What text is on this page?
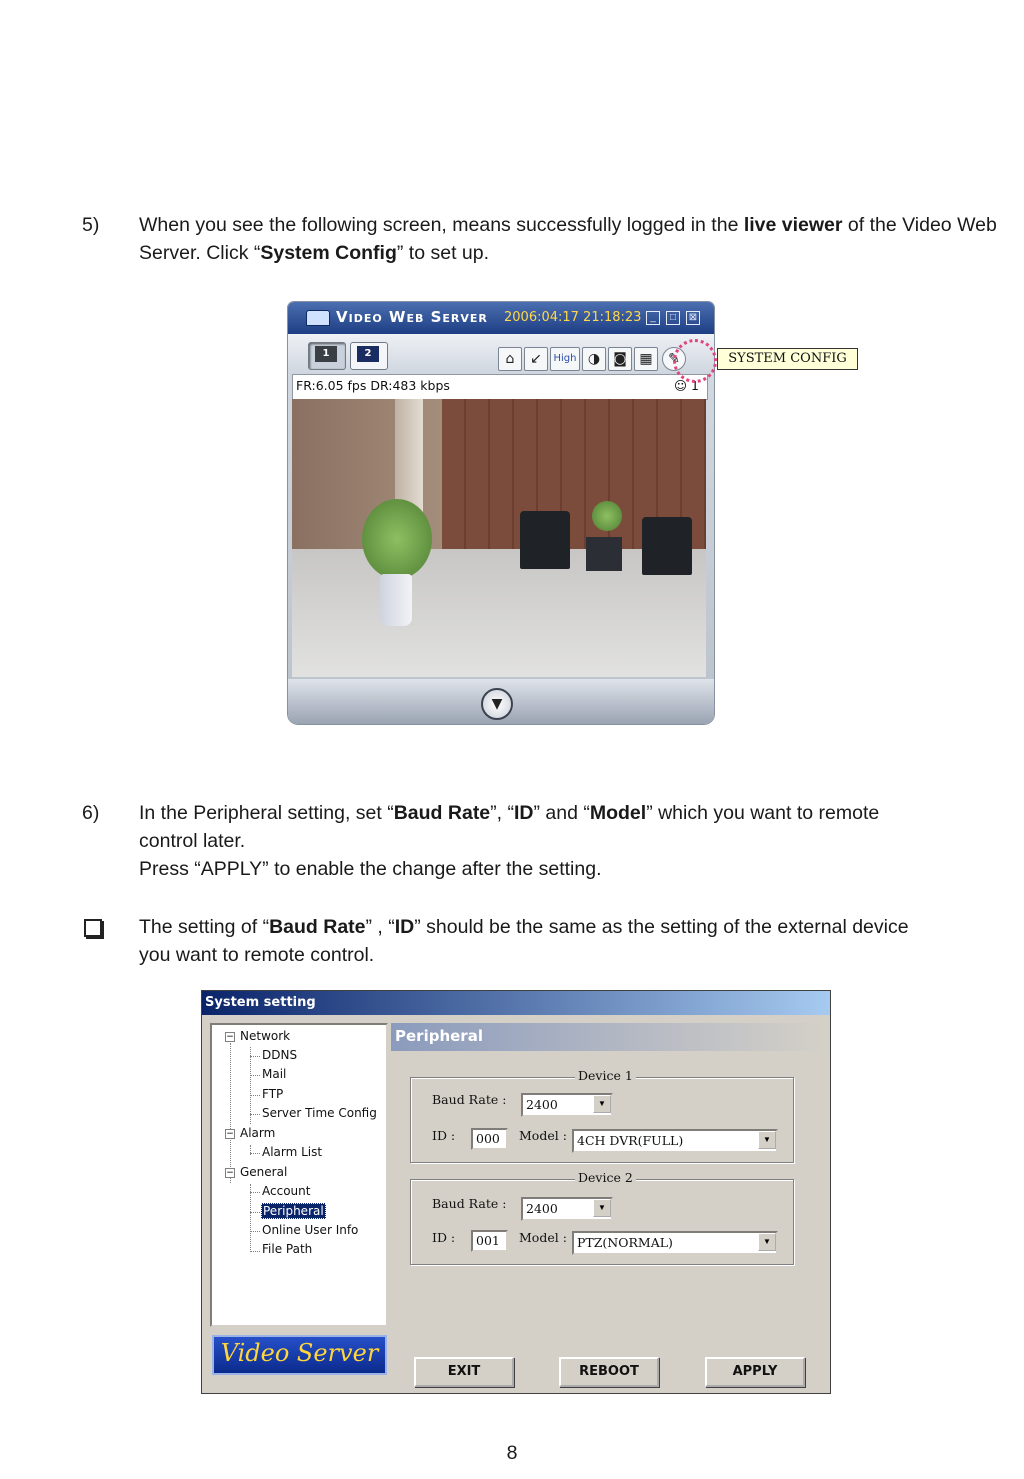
5) When you see the following screen, means successfully logged in the live viewer of the Video Web Server. Click “System Config” to set up.
Video Web Server 2006:04:17 21:18:23 _	□	⊠
1	2	⌂	↙	High ◑ ◙ ▦	✎
FR:6.05 fps DR:483 kbps	☺ 1
▼
SYSTEM CONFIG
6) In the Peripheral setting, set “Baud Rate”, “ID” and “Model” which you want to remote control later.
Press “APPLY” to enable the change after the setting.
The setting of “Baud Rate” , “ID” should be the same as the setting of the external device you want to remote control.
System setting
− Network
DDNS
Mail
FTP
Server Time Config
− Alarm
Alarm List
− General
Account
Peripheral
Online User Info
File Path
Video Server
Peripheral
Device 1
Baud Rate : 2400	▼
ID :	000	Model : 4CH DVR(FULL)	▼
Device 2
Baud Rate : 2400	▼
ID :	001	Model : PTZ(NORMAL)	▼
EXIT	REBOOT	APPLY
8
